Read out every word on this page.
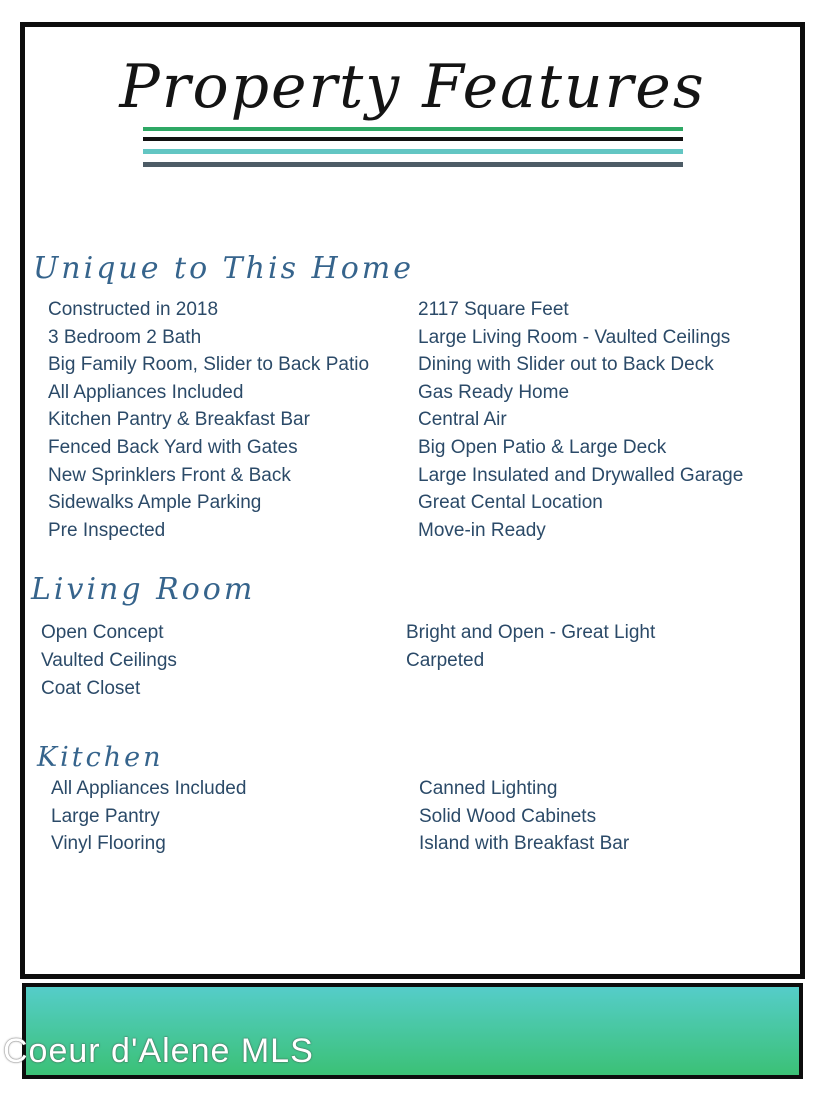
Property Features
Unique to This Home
Constructed in 2018	2117 Square Feet
3 Bedroom 2 Bath	Large Living Room - Vaulted Ceilings
Big Family Room, Slider to Back Patio	Dining with Slider out to Back Deck
All Appliances Included	Gas Ready Home
Kitchen Pantry & Breakfast Bar	Central Air
Fenced Back Yard with Gates	Big Open Patio & Large Deck
New Sprinklers Front & Back	Large Insulated and Drywalled Garage
Sidewalks Ample Parking	Great Cental Location
Pre Inspected	Move-in Ready
Living Room
Open Concept	Bright and Open - Great Light
Vaulted Ceilings	Carpeted
Coat Closet
Kitchen
All Appliances Included	Canned Lighting
Large Pantry	Solid Wood Cabinets
Vinyl Flooring	Island with Breakfast Bar
Coeur d'Alene MLS
